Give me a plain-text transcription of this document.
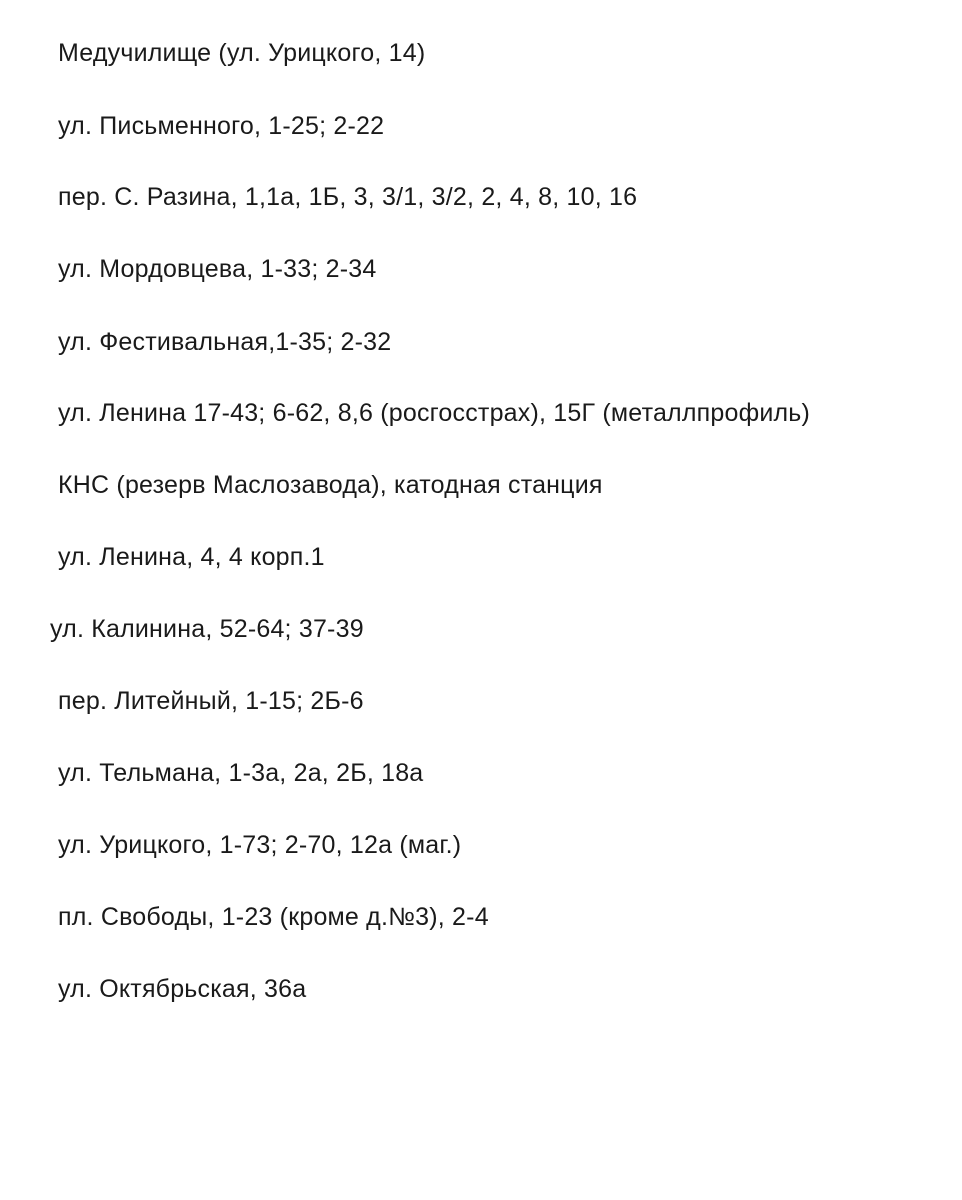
Медучилище (ул. Урицкого, 14)

ул. Письменного, 1-25; 2-22

пер. С. Разина, 1,1а, 1Б, 3, 3/1, 3/2, 2, 4, 8, 10, 16

ул. Мордовцева, 1-33; 2-34

ул. Фестивальная,1-35; 2-32

ул. Ленина 17-43; 6-62, 8,6 (росгосстрах), 15Г (металлпрофиль)

КНС (резерв Маслозавода), катодная станция

ул. Ленина, 4, 4 корп.1

ул. Калинина, 52-64; 37-39

пер. Литейный, 1-15; 2Б-6

ул. Тельмана, 1-3а, 2а, 2Б, 18а

ул. Урицкого, 1-73; 2-70, 12а (маг.)

пл. Свободы, 1-23 (кроме д.№3), 2-4

ул. Октябрьская, 36а
